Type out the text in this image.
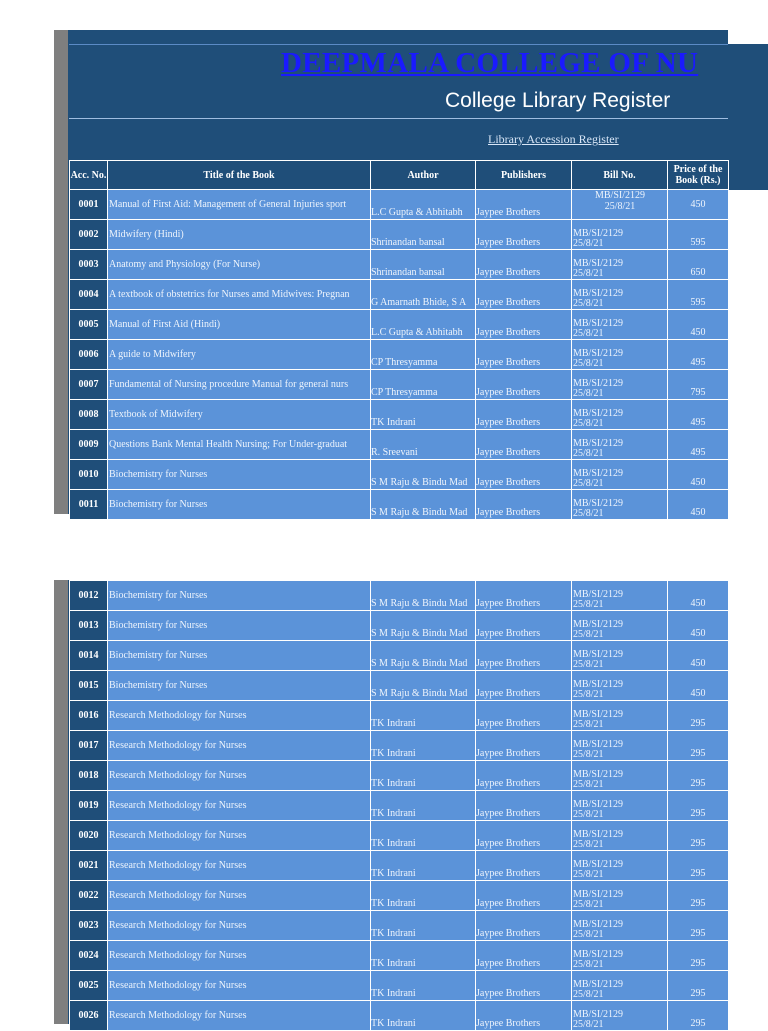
DEEPMALA COLLEGE OF NU
College Library Register
Library Accession Register
Acc. No.	Title of the Book	Author	Publishers	Bill No.	Price of the Book (Rs.)
0001	Manual of First Aid: Management of General Injuries sport	L.C Gupta & Abhitabh	Jaypee Brothers	MB/SI/2129
25/8/21	450
0002	Midwifery (Hindi)	Shrinandan bansal	Jaypee Brothers	MB/SI/2129
25/8/21	595
0003	Anatomy and Physiology (For Nurse)	Shrinandan bansal	Jaypee Brothers	MB/SI/2129
25/8/21	650
0004	A textbook of obstetrics for Nurses amd Midwives: Pregnan	G Amarnath Bhide, S A	Jaypee Brothers	MB/SI/2129
25/8/21	595
0005	Manual of First Aid (Hindi)	L.C Gupta & Abhitabh	Jaypee Brothers	MB/SI/2129
25/8/21	450
0006	A guide to Midwifery	CP Thresyamma	Jaypee Brothers	MB/SI/2129
25/8/21	495
0007	Fundamental of Nursing procedure Manual for general nurs	CP Thresyamma	Jaypee Brothers	MB/SI/2129
25/8/21	795
0008	Textbook of Midwifery	TK Indrani	Jaypee Brothers	MB/SI/2129
25/8/21	495
0009	Questions Bank Mental Health Nursing; For Under-graduat	R. Sreevani	Jaypee Brothers	MB/SI/2129
25/8/21	495
0010	Biochemistry for Nurses	S M Raju & Bindu Mad	Jaypee Brothers	MB/SI/2129
25/8/21	450
0011	Biochemistry for Nurses	S M Raju & Bindu Mad	Jaypee Brothers	MB/SI/2129
25/8/21	450
0012	Biochemistry for Nurses	S M Raju & Bindu Mad	Jaypee Brothers	MB/SI/2129
25/8/21	450
0013	Biochemistry for Nurses	S M Raju & Bindu Mad	Jaypee Brothers	MB/SI/2129
25/8/21	450
0014	Biochemistry for Nurses	S M Raju & Bindu Mad	Jaypee Brothers	MB/SI/2129
25/8/21	450
0015	Biochemistry for Nurses	S M Raju & Bindu Mad	Jaypee Brothers	MB/SI/2129
25/8/21	450
0016	Research Methodology for Nurses	TK Indrani	Jaypee Brothers	MB/SI/2129
25/8/21	295
0017	Research Methodology for Nurses	TK Indrani	Jaypee Brothers	MB/SI/2129
25/8/21	295
0018	Research Methodology for Nurses	TK Indrani	Jaypee Brothers	MB/SI/2129
25/8/21	295
0019	Research Methodology for Nurses	TK Indrani	Jaypee Brothers	MB/SI/2129
25/8/21	295
0020	Research Methodology for Nurses	TK Indrani	Jaypee Brothers	MB/SI/2129
25/8/21	295
0021	Research Methodology for Nurses	TK Indrani	Jaypee Brothers	MB/SI/2129
25/8/21	295
0022	Research Methodology for Nurses	TK Indrani	Jaypee Brothers	MB/SI/2129
25/8/21	295
0023	Research Methodology for Nurses	TK Indrani	Jaypee Brothers	MB/SI/2129
25/8/21	295
0024	Research Methodology for Nurses	TK Indrani	Jaypee Brothers	MB/SI/2129
25/8/21	295
0025	Research Methodology for Nurses	TK Indrani	Jaypee Brothers	MB/SI/2129
25/8/21	295
0026	Research Methodology for Nurses	TK Indrani	Jaypee Brothers	MB/SI/2129
25/8/21	295
